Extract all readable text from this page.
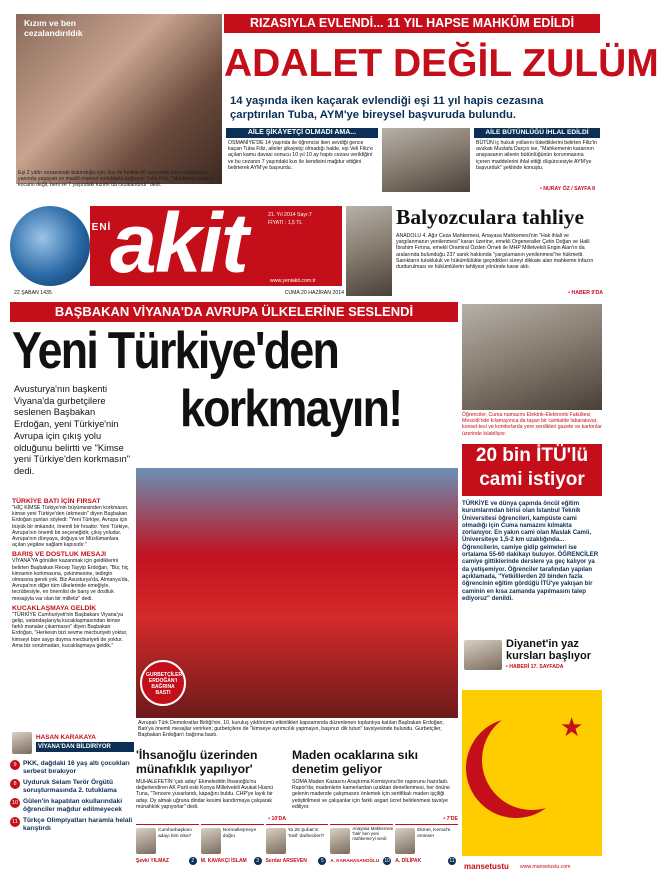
Kızım ve ben
cezalandırıldık
Eşi 2 yıldır cezaevinde bulunduğu için, kızı ile birlikte 60 yaşındaki kayınvalidesinin yanında yaşayan ve maddi-manevi zorluklarla boğuşan Tuba Filiz, "Mahkeme sadece kocamı değil, beni ve 7 yaşındaki kızımı da cezalandırdı" dedi.
RIZASIYLA EVLENDİ... 11 YIL HAPSE MAHKÛM EDİLDİ
ADALET DEĞİL ZULÜM
14 yaşında iken kaçarak evlendiği eşi 11 yıl hapis cezasına çarptırılan Tuba, AYM'ye bireysel başvuruda bulundu.
AİLE ŞİKÂYETÇİ OLMADI AMA...
OSMANİYE'DE 14 yaşında ile öğrencisi iken sevdiği gence kaçan Tuba Filiz, aileler şikayetçi olmadığı halde, eşi Veli Filiz'e açılan kamu davası sonucu 10 yıl 10 ay hapis cezası verildiğini ve bu cezanın 7 yaşındaki kızı ile kendisini mağdur ettiğini belirterek AYM'ye başvurdu.
AİLE BÜTÜNLÜĞÜ İHLAL EDİLDİ
BÜTÜN iç hukuk yollarını tükettiklerini belirten Filiz'in avukatı Mustafa Darçın ise, "Mahkemenin kararının anayasanın ailenin bütünlüğünün korunmasına içeren maddelerini ihlal ettiği düşüncesiyle AYM'ye başvurduk" şeklinde konuştu.
• NURAY ÖZ / SAYFA 8
YENİ
akit	21. Yıl 2014 Sayı:7
FİYATI : 1,5 TL
www.yeniakit.com.tr
22 ŞABAN 1435	CUMA 20 HAZİRAN 2014
Balyozculara tahliye
ANADOLU 4. Ağır Ceza Mahkemesi, Anayasa Mahkemesi'nin "Hak ihlali ve yargılanmanın yenilenmesi" kararı üzerine, emekli Orgeneraller Çetin Doğan ve Halil İbrahim Fırtına, emekli Oramiral Özden Örnek ile MHP Milletvekili Engin Alan'ın da aralarında bulunduğu 237 sanık hakkında "yargılamanın yenilenmesi"ne hükmetti. Sanıkların tutukluluk ve hükümlülükte geçirdikleri süreyi dikkate alan mahkeme infazın durdurulması ve hükümlülerin tahliyesi yönünde karar aldı.
• HABER 9'DA
BAŞBAKAN VİYANA'DA AVRUPA ÜLKELERİNE SESLENDİ
Yeni Türkiye'den
korkmayın!
Avusturya'nın başkenti Viyana'da gurbetçilere seslenen Başbakan Erdoğan, yeni Türkiye'nin Avrupa için çıkış yolu olduğunu belirtti ve "Kimse yeni Türkiye'den korkmasın" dedi.
TÜRKİYE BATI İÇİN FIRSAT
"HİÇ KİMSE Türkiye'nin büyümesinden korkmasın, kimse yeni Türkiye'den ürkmesin" diyen Başbakan Erdoğan şunları söyledi: "Yeni Türkiye, Avrupa için büyük bir imkandır, önemli bir fırsattır. Yeni Türkiye, Avrupa'nın önemli bir seçeneğidir, çıkış yoludur. Avrupa'nın dünyaya, doğuya ve Müslümanlara açılan yegâne sağlam kapısıdır."
BARIŞ VE DOSTLUK MESAJI
VİYANA'YA gönüller kazanmak için geldiklerini belirten Başbakan Recep Tayyip Erdoğan, "Biz, hiç kimsenin korkmasına, çekinmesine, tedirgin olmasına gerek yok. Biz Avusturya'da, Almanya'da, Avrupa'nın diğer tüm ülkelerinde emeğiyle, tecrübesiyle, en önemlisi de barış ve dostluk mesajıyla var olan bir milletiz" dedi.
KUCAKLAŞMAYA GELDİK
"TÜRKİYE Cumhuriyeti'nin Başbakanı Viyana'ya gelip, vatandaşlarıyla kucaklaşmasından kimse farklı manalar çıkarmasın" diyen Başbakan Erdoğan, "Herkesin bizi sevme mecburiyeti yoktur, kimseyi bize saygı duyma mecburiyeti de yoktur. Ama biz sorulmadan, kucaklaşmaya geldik."
HASAN KARAKAYA
VİYANA'DAN BİLDİRİYOR
GURBETÇİLER ERDOĞAN'I BAĞRINA BASTI
Avrupalı Türk Demokratlar Birliği'nin, 10. kuruluş yıldönümü etkinlikleri kapsamında düzenlenen toplantıya katılan Başbakan Erdoğan, Batı'ya önemli mesajlar verirken; gurbetçilere de "kimseye ayrımcılık yapmayın, başınızı dik tutun" tavsiyesinde bulundu. Gurbetçiler, Başbakan Erdoğan'ı bağrına bastı.
Öğrenciler, Cuma namazını Elektrik-Elektronik Fakültesi Mescidi'nde kılamayınca da taşan bir camiaitte labaratuvar, konsel-tesi ve koridorlarda yere serdikleri gazete ve kartonlar üzerinde kılabiliyor.
20 bin İTÜ'lü cami istiyor
TÜRKİYE ve dünya çapında öncül eğitim kurumlarından birisi olan İstanbul Teknik Üniversitesi öğrencileri, kampüste cami olmadığı için Cuma namazını kılmakta zorlanıyor. En yakın cami olan Maslak Camii, Üniversiteye 1,5-2 km uzaklığında... Öğrencilerin, camiye gidip gelmeleri ise ortalama 55-60 dakikayı buluyor. ÖĞRENCİLER camiye gittiklerinde derslere ya geç kalıyor ya da yetişemiyor. Öğrenciler tarafından yapılan açıklamada, "Yetkililerden 20 binden fazla öğrencinin eğitim gördüğü İTÜ'ye yakışan bir caminin en kısa zamanda yapılmasını talep ediyoruz" denildi.
Diyanet'in yaz kursları başlıyor
• HABERİ 17. SAYFADA
★
mansetustu www.mansetustu.com
9 PKK, dağdaki 16 yaş altı çocukları serbest bırakıyor
8 Uyduruk Selam Terör Örgütü soruşturmasında 2. tutuklama
10 Gülen'in kapatılan okullarındaki öğrenciler mağdur edilmeyecek
11 Türkçe Olimpiyatları haramla helali karıştırdı
'İhsanoğlu üzerinden münafıklık yapılıyor'
MUHALEFETİN 'çatı aday' Ekmeleddin İhsanoğlu'nu değerlendiren AK Parti eski Konya Milletvekili Avukat Hüsnü Tuna, "Tencere yuvarlandı, kapağını buldu. CHP'ye layık bir aday. Oy almak uğruna dindar kesimi kandırmaya çalışarak münafıklık yapıyorlar" dedi.
• 10'DA
Maden ocaklarına sıkı denetim geliyor
SOMA Maden Kazasını Araştırma Komisyonu'ön raporunu hazırladı. Rapor'da; madenlerin kamerlardan uzaktan denetlenmesi, her önüne gelenin madende çalışmasını önlemek için sertifikalı maden işçiliği yetiştirilmesi ve çalışanlar için farklı asgari ücret belirlenmesi tavsiye ediliyor.
• 7'DE
Cumhurbaşkanı adayı kim olsa?
Şevki YILMAZ	2
Normalleşmeye doğru
M. KAVAKÇI İSLAM	3
Ya 28 Şubat'ın 'Sivil' darbecileri?
Serdar ARSEVEN	5
Anayasa Mahkemesi 'bak' ben yeni mahkeme'yi verdi
A. KARAHASANOĞLU	10
Ekmel, Kemal'e eminse!
A. DİLİPAK	11
